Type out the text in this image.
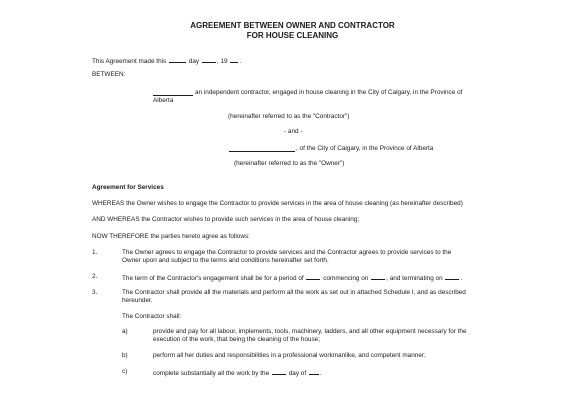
AGREEMENT BETWEEN OWNER AND CONTRACTOR
FOR HOUSE CLEANING
This Agreement made this	day	, 19 .
BETWEEN:
an independent contractor, engaged in house cleaning in the City of Calgary, in the Province of
Alberta
(hereinafter referred to as the "Contractor")
- and -
, of the City of Calgary, in the Province of Alberta
(hereinafter referred to as the "Owner")
Agreement for Services
WHEREAS the Owner wishes to engage the Contractor to provide services in the area of house cleaning (as hereinafter described)
AND WHEREAS the Contractor wishes to provide such services in the area of house cleaning;
NOW THEREFORE the parties hereto agree as follows:
1.	The Owner agrees to engage the Contractor to provide services and the Contractor agrees to provide services to the
Owner upon and subject to the terms and conditions hereinafter set forth.
2.	The term of the Contractor's engagement shall be for a period of	commencing on	, and terminating on	.
3.	The Contractor shall provide all the materials and perform all the work as set out in attached Schedule I, and as described
hereunder.
The Contractor shall:
a)	provide and pay for all labour, implements, tools, machinery, ladders, and all other equipment necessary for the
execution of the work, that being the cleaning of the house;
b)	perform all her duties and responsibilities in a professional workmanlike, and competent manner;
c)	complete substantially all the work by the	day of .
